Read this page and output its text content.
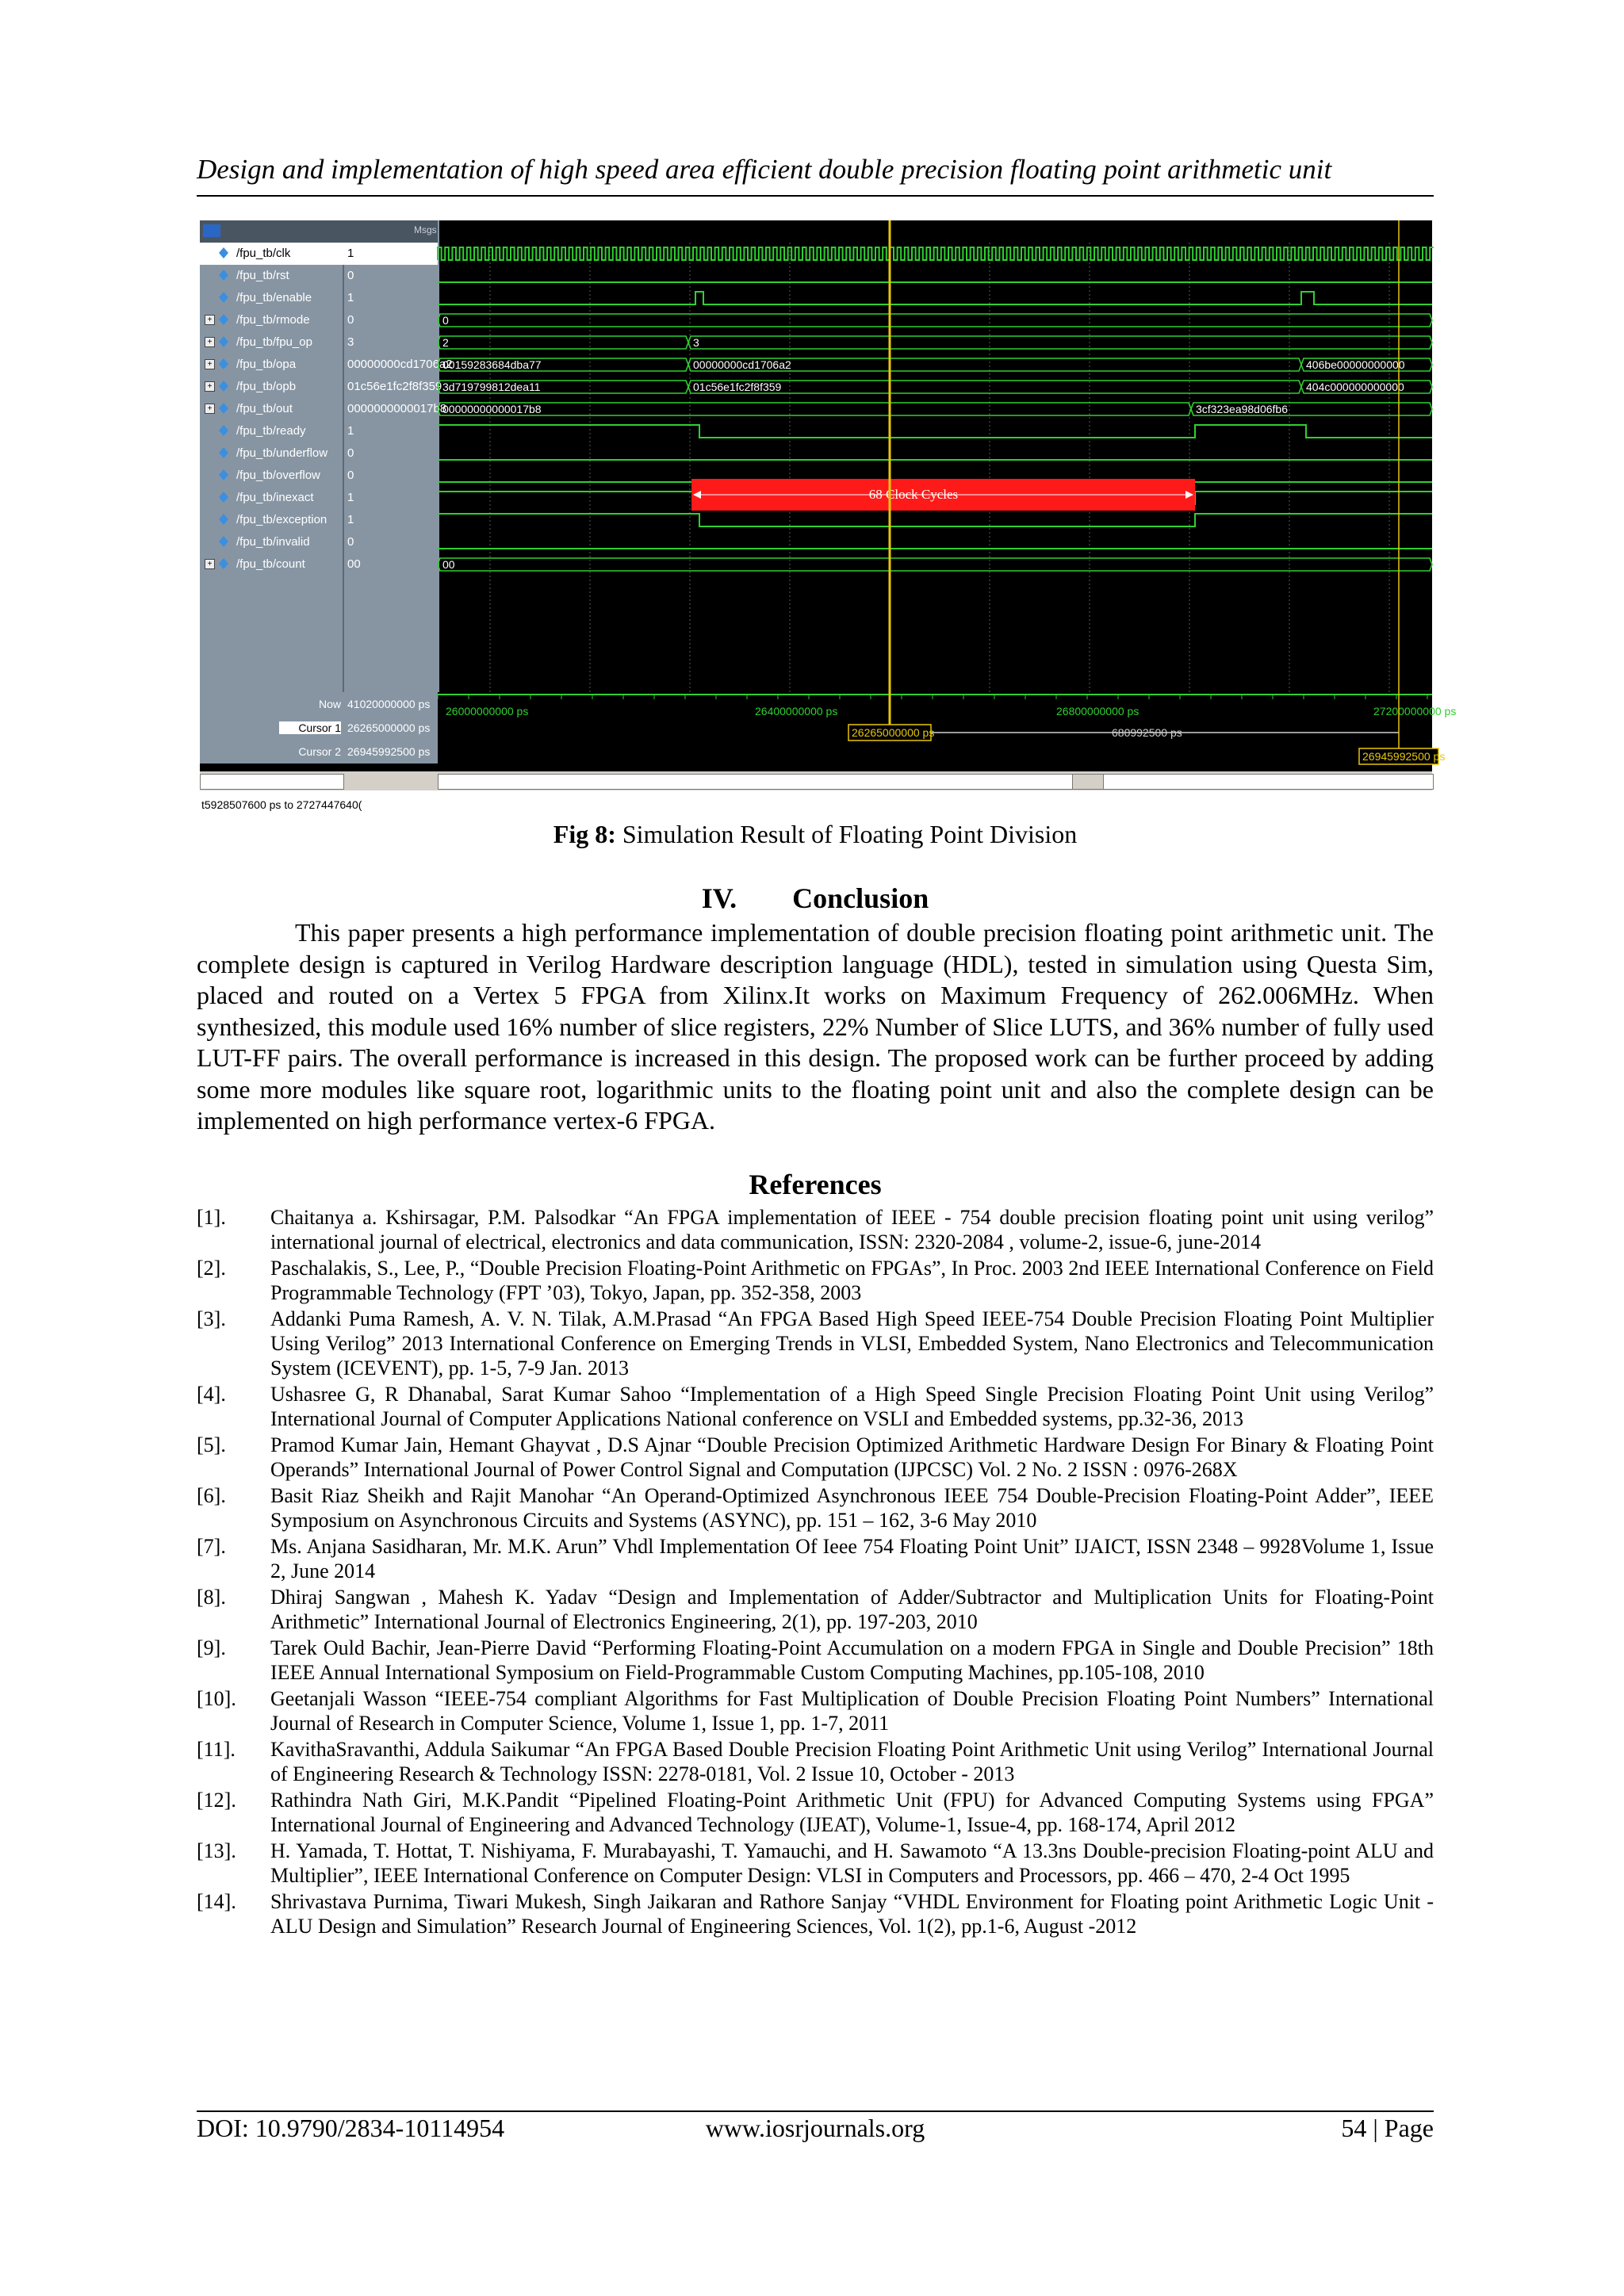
Design and implementation of high speed area efficient double precision floating point arithmetic unit
Msgs
/fpu_tb/clk	1
/fpu_tb/rst	0
/fpu_tb/enable	1
+ /fpu_tb/rmode	0
+ /fpu_tb/fpu_op	3
+ /fpu_tb/opa	00000000cd1706a2
+ /fpu_tb/opb	01c56e1fc2f8f359
+ /fpu_tb/out	0000000000017b8
/fpu_tb/ready	1
/fpu_tb/underflow 0
/fpu_tb/overflow 0
/fpu_tb/inexact	1
/fpu_tb/exception 1
/fpu_tb/invalid	0
+ /fpu_tb/count	00
0
2	3
00159283684dba77	00000000cd1706a2	406be00000000000
3d719799812dea11	01c56e1fc2f8f359	404c000000000000
00000000000017b8	3cf323ea98d06fb6
00
68 Clock Cycles
Now 41020000000 ps
Cursor 1 26265000000 ps
Cursor 2 26945992500 ps
26000000000 ps	26400000000 ps	26800000000 ps	27200000000 ps
26265000000 ps
26945992500 ps
680992500 ps
t5928507600 ps to 2727447640(
Fig 8: Simulation Result of Floating Point Division
IV. Conclusion

This paper presents a high performance implementation of double precision floating point arithmetic unit. The complete design is captured in Verilog Hardware description language (HDL), tested in simulation using Questa Sim, placed and routed on a Vertex 5 FPGA from Xilinx.It works on Maximum Frequency of 262.006MHz. When synthesized, this module used 16% number of slice registers, 22% Number of Slice LUTS, and 36% number of fully used LUT-FF pairs. The overall performance is increased in this design. The proposed work can be further proceed by adding some more modules like square root, logarithmic units to the floating point unit and also the complete design can be implemented on high performance vertex-6 FPGA.

References
[1]. Chaitanya a. Kshirsagar, P.M. Palsodkar “An FPGA implementation of IEEE - 754 double precision floating point unit using verilog” international journal of electrical, electronics and data communication, ISSN: 2320-2084 , volume-2, issue-6, june-2014
[2]. Paschalakis, S., Lee, P., “Double Precision Floating-Point Arithmetic on FPGAs”, In Proc. 2003 2nd IEEE International Conference on Field Programmable Technology (FPT ’03), Tokyo, Japan, pp. 352-358, 2003
[3]. Addanki Puma Ramesh, A. V. N. Tilak, A.M.Prasad “An FPGA Based High Speed IEEE-754 Double Precision Floating Point Multiplier Using Verilog” 2013 International Conference on Emerging Trends in VLSI, Embedded System, Nano Electronics and Telecommunication System (ICEVENT), pp. 1-5, 7-9 Jan. 2013
[4]. Ushasree G, R Dhanabal, Sarat Kumar Sahoo “Implementation of a High Speed Single Precision Floating Point Unit using Verilog” International Journal of Computer Applications National conference on VSLI and Embedded systems, pp.32-36, 2013
[5]. Pramod Kumar Jain, Hemant Ghayvat , D.S Ajnar “Double Precision Optimized Arithmetic Hardware Design For Binary & Floating Point Operands” International Journal of Power Control Signal and Computation (IJPCSC) Vol. 2 No. 2 ISSN : 0976-268X
[6]. Basit Riaz Sheikh and Rajit Manohar “An Operand-Optimized Asynchronous IEEE 754 Double-Precision Floating-Point Adder”, IEEE Symposium on Asynchronous Circuits and Systems (ASYNC), pp. 151 – 162, 3-6 May 2010
[7]. Ms. Anjana Sasidharan, Mr. M.K. Arun” Vhdl Implementation Of Ieee 754 Floating Point Unit” IJAICT, ISSN 2348 – 9928Volume 1, Issue 2, June 2014
[8]. Dhiraj Sangwan , Mahesh K. Yadav “Design and Implementation of Adder/Subtractor and Multiplication Units for Floating-Point Arithmetic” International Journal of Electronics Engineering, 2(1), pp. 197-203, 2010
[9]. Tarek Ould Bachir, Jean-Pierre David “Performing Floating-Point Accumulation on a modern FPGA in Single and Double Precision” 18th IEEE Annual International Symposium on Field-Programmable Custom Computing Machines, pp.105-108, 2010
[10]. Geetanjali Wasson “IEEE-754 compliant Algorithms for Fast Multiplication of Double Precision Floating Point Numbers” International Journal of Research in Computer Science, Volume 1, Issue 1, pp. 1-7, 2011
[11]. KavithaSravanthi, Addula Saikumar “An FPGA Based Double Precision Floating Point Arithmetic Unit using Verilog” International Journal of Engineering Research & Technology ISSN: 2278-0181, Vol. 2 Issue 10, October - 2013
[12]. Rathindra Nath Giri, M.K.Pandit “Pipelined Floating-Point Arithmetic Unit (FPU) for Advanced Computing Systems using FPGA” International Journal of Engineering and Advanced Technology (IJEAT), Volume-1, Issue-4, pp. 168-174, April 2012
[13]. H. Yamada, T. Hottat, T. Nishiyama, F. Murabayashi, T. Yamauchi, and H. Sawamoto “A 13.3ns Double-precision Floating-point ALU and Multiplier”, IEEE International Conference on Computer Design: VLSI in Computers and Processors, pp. 466 – 470, 2-4 Oct 1995
[14]. Shrivastava Purnima, Tiwari Mukesh, Singh Jaikaran and Rathore Sanjay “VHDL Environment for Floating point Arithmetic Logic Unit - ALU Design and Simulation” Research Journal of Engineering Sciences, Vol. 1(2), pp.1-6, August -2012
DOI: 10.9790/2834-10114954	www.iosrjournals.org	54 | Page
